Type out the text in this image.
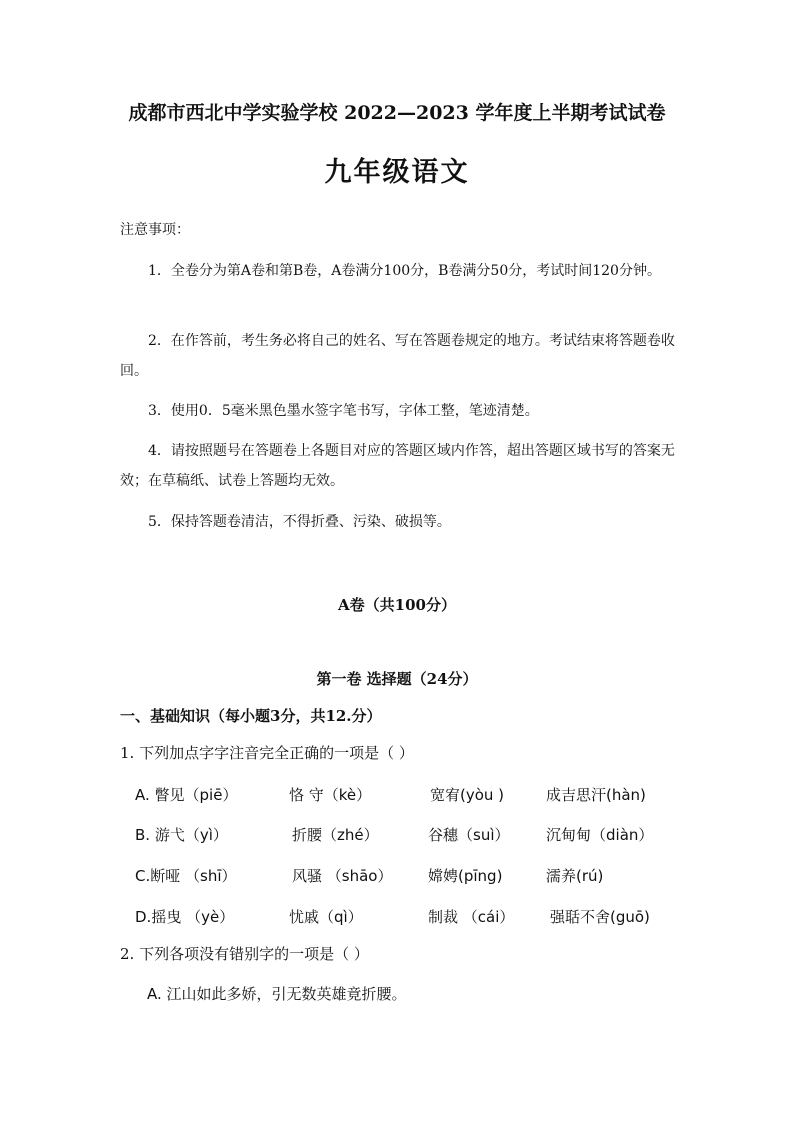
成都市西北中学实验学校 2022—2023 学年度上半期考试试卷
九年级语文
注意事项：
1．全卷分为第A卷和第B卷，A卷满分100分，B卷满分50分，考试时间120分钟。
2．在作答前，考生务必将自己的姓名、写在答题卷规定的地方。考试结束将答题卷收回。
3．使用0．5毫米黑色墨水签字笔书写，字体工整，笔迹清楚。
4．请按照题号在答题卷上各题目对应的答题区域内作答，超出答题区域书写的答案无效；在草稿纸、试卷上答题均无效。
5．保持答题卷清洁，不得折叠、污染、破损等。
A卷（共100分）
第一卷 选择题（24分）
一、基础知识（每小题3分，共12.分）
1. 下列加点字字注音完全正确的一项是（ ）
A. 瞥见（piē）	恪 守（kè）	宽宥(yòu )	成吉思汗(hàn)
B. 游弋（yì）	折腰（zhé）	谷穗（suì） 沉甸甸（diàn）
C.断哑 （shī）	风骚 （shāo） 嫦娉(pīng)	濡养(rú)
D.摇曳 （yè）	忧戚（qì）	制裁 （cái） 强聒不舍(guō)
2. 下列各项没有错别字的一项是（ ）
A. 江山如此多娇，引无数英雄竟折腰。
